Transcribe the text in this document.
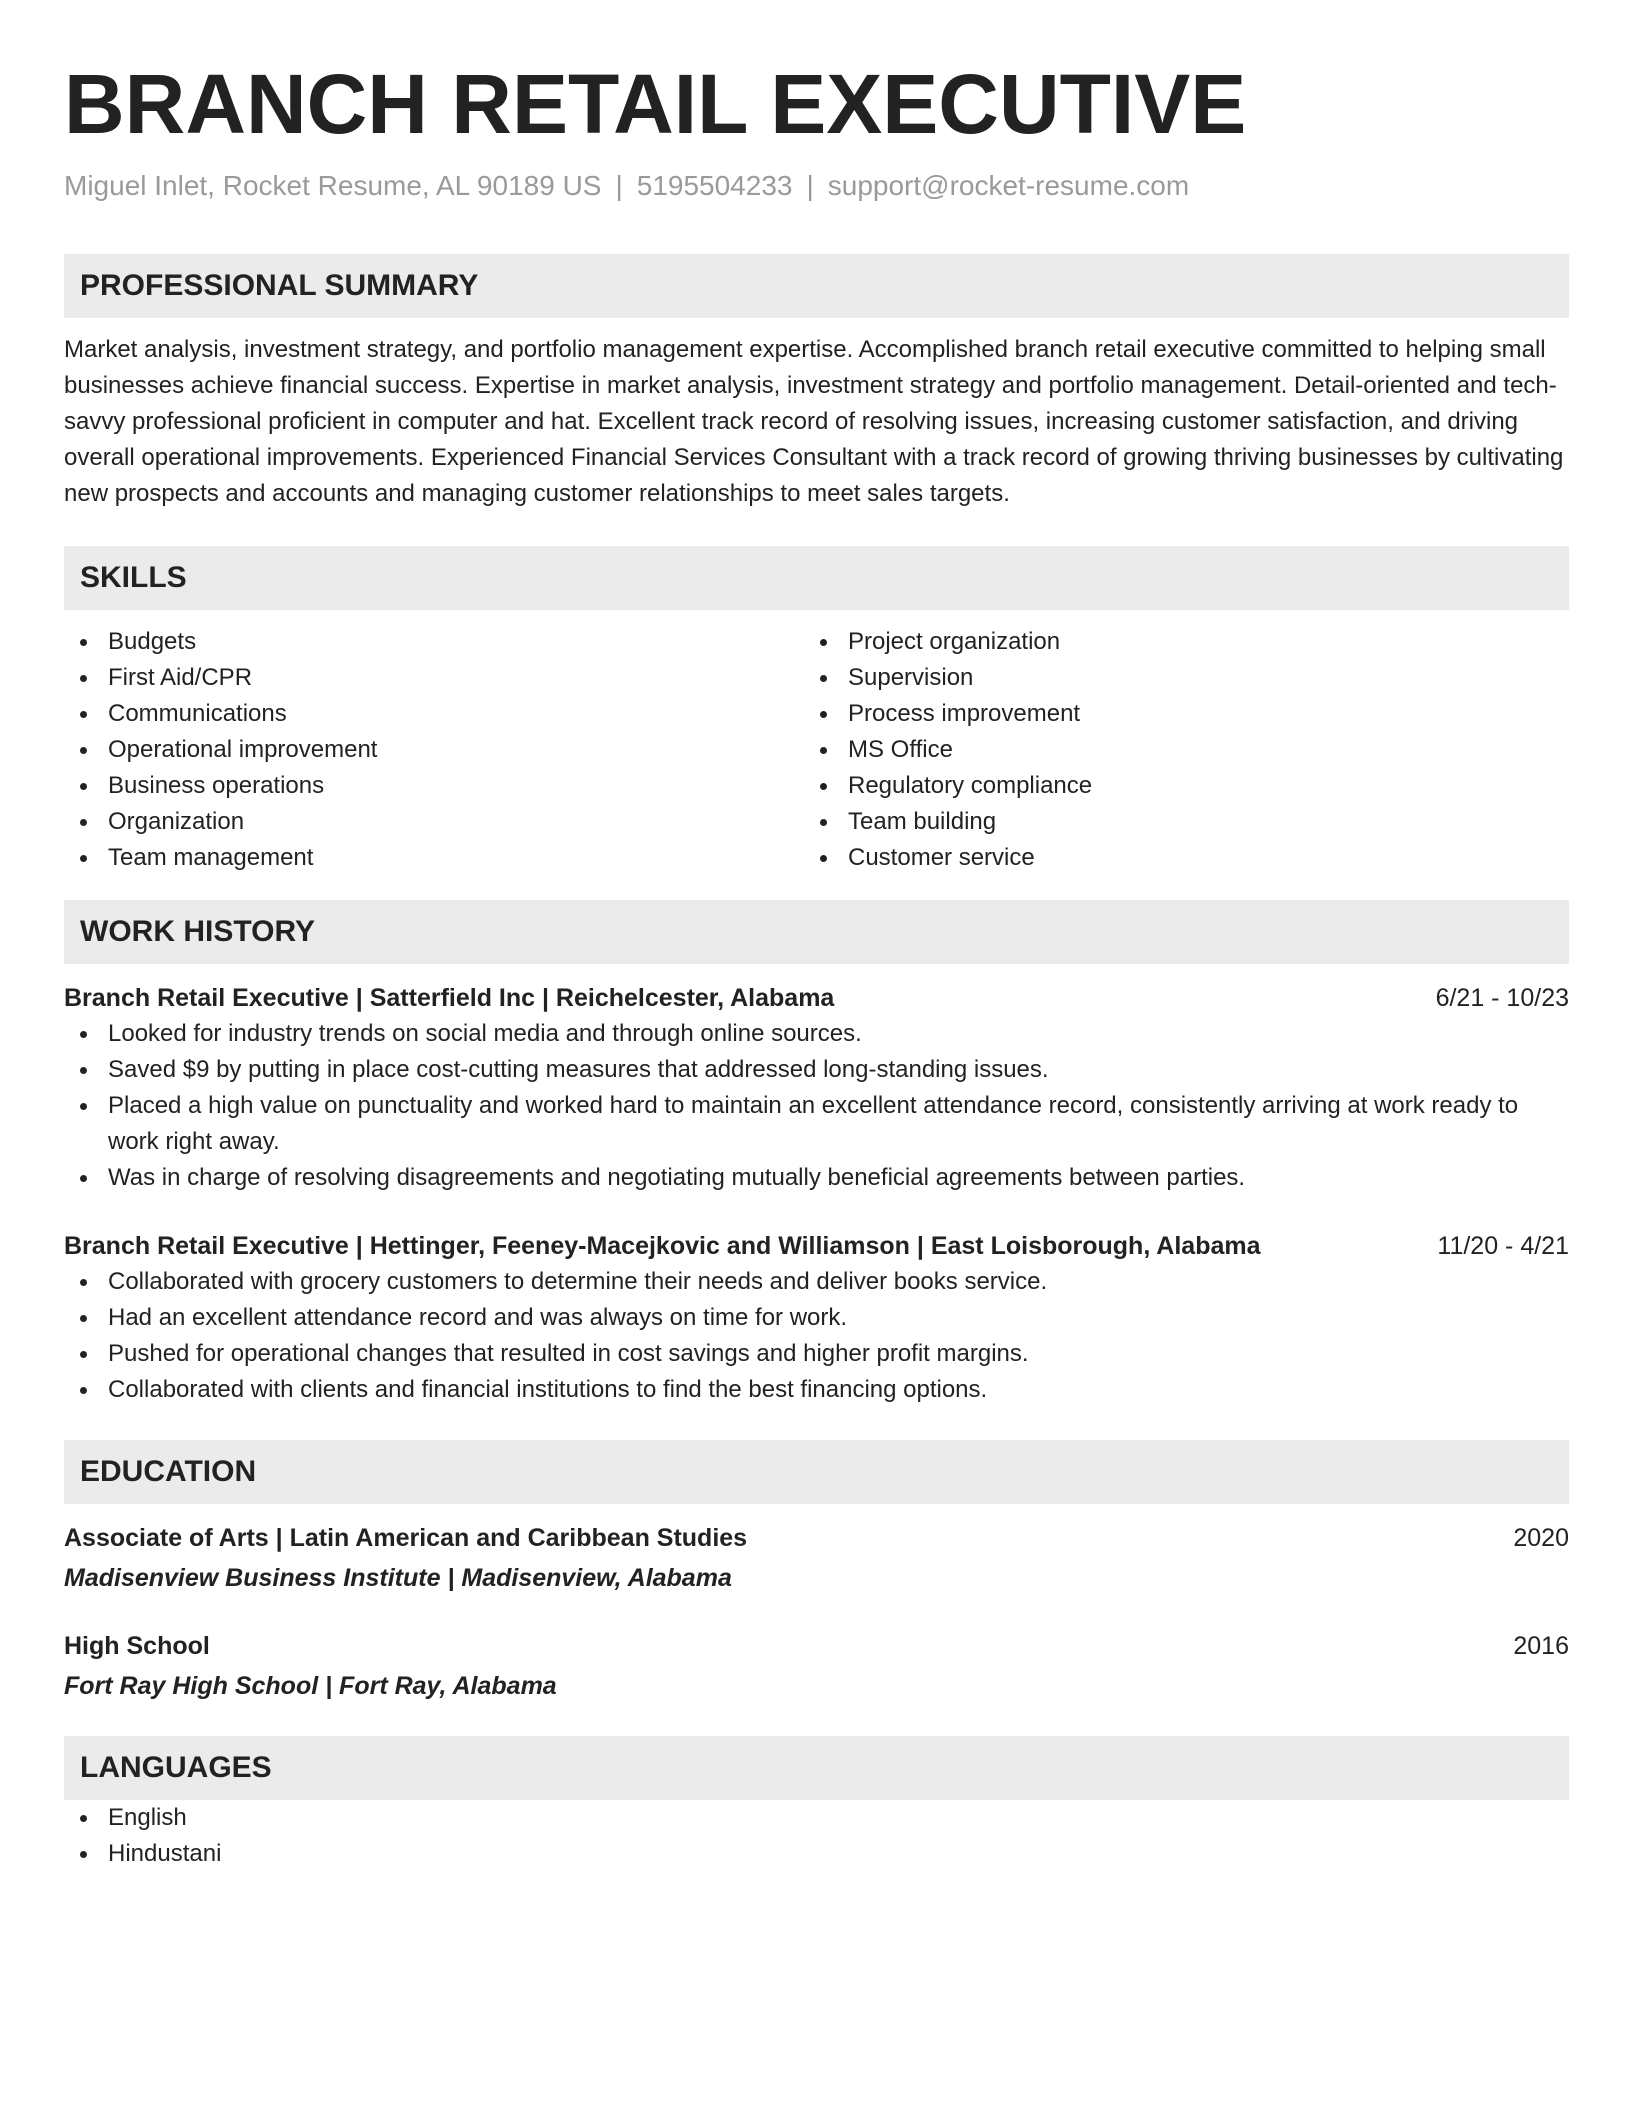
BRANCH RETAIL EXECUTIVE
Miguel Inlet, Rocket Resume, AL 90189 US | 5195504233 | support@rocket-resume.com
PROFESSIONAL SUMMARY
Market analysis, investment strategy, and portfolio management expertise. Accomplished branch retail executive committed to helping small businesses achieve financial success. Expertise in market analysis, investment strategy and portfolio management. Detail-oriented and tech-savvy professional proficient in computer and hat. Excellent track record of resolving issues, increasing customer satisfaction, and driving overall operational improvements. Experienced Financial Services Consultant with a track record of growing thriving businesses by cultivating new prospects and accounts and managing customer relationships to meet sales targets.
SKILLS
Budgets
First Aid/CPR
Communications
Operational improvement
Business operations
Organization
Team management
Project organization
Supervision
Process improvement
MS Office
Regulatory compliance
Team building
Customer service
WORK HISTORY
Branch Retail Executive | Satterfield Inc | Reichelcester, Alabama	6/21 - 10/23
Looked for industry trends on social media and through online sources.
Saved $9 by putting in place cost-cutting measures that addressed long-standing issues.
Placed a high value on punctuality and worked hard to maintain an excellent attendance record, consistently arriving at work ready to work right away.
Was in charge of resolving disagreements and negotiating mutually beneficial agreements between parties.
Branch Retail Executive | Hettinger, Feeney-Macejkovic and Williamson | East Loisborough, Alabama	11/20 - 4/21
Collaborated with grocery customers to determine their needs and deliver books service.
Had an excellent attendance record and was always on time for work.
Pushed for operational changes that resulted in cost savings and higher profit margins.
Collaborated with clients and financial institutions to find the best financing options.
EDUCATION
Associate of Arts | Latin American and Caribbean Studies	2020
Madisenview Business Institute | Madisenview, Alabama
High School	2016
Fort Ray High School | Fort Ray, Alabama
LANGUAGES
English
Hindustani
